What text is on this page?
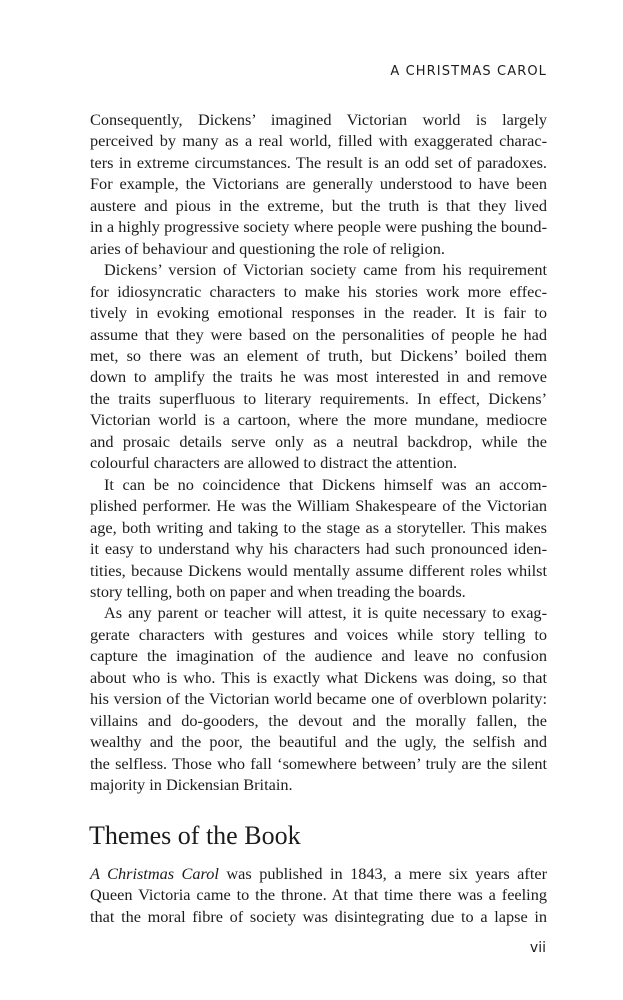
A CHRISTMAS CAROL
Consequently, Dickens’ imagined Victorian world is largely
perceived by many as a real world, filled with exaggerated charac-
ters in extreme circumstances. The result is an odd set of paradoxes.
For example, the Victorians are generally understood to have been
austere and pious in the extreme, but the truth is that they lived
in a highly progressive society where people were pushing the bound-
aries of behaviour and questioning the role of religion.
Dickens’ version of Victorian society came from his requirement
for idiosyncratic characters to make his stories work more effec-
tively in evoking emotional responses in the reader. It is fair to
assume that they were based on the personalities of people he had
met, so there was an element of truth, but Dickens’ boiled them
down to amplify the traits he was most interested in and remove
the traits superfluous to literary requirements. In effect, Dickens’
Victorian world is a cartoon, where the more mundane, mediocre
and prosaic details serve only as a neutral backdrop, while the
colourful characters are allowed to distract the attention.
It can be no coincidence that Dickens himself was an accom-
plished performer. He was the William Shakespeare of the Victorian
age, both writing and taking to the stage as a storyteller. This makes
it easy to understand why his characters had such pronounced iden-
tities, because Dickens would mentally assume different roles whilst
story telling, both on paper and when treading the boards.
As any parent or teacher will attest, it is quite necessary to exag-
gerate characters with gestures and voices while story telling to
capture the imagination of the audience and leave no confusion
about who is who. This is exactly what Dickens was doing, so that
his version of the Victorian world became one of overblown polarity:
villains and do-gooders, the devout and the morally fallen, the
wealthy and the poor, the beautiful and the ugly, the selfish and
the selfless. Those who fall ‘somewhere between’ truly are the silent
majority in Dickensian Britain.
Themes of the Book
A Christmas Carol was published in 1843, a mere six years after
Queen Victoria came to the throne. At that time there was a feeling
that the moral fibre of society was disintegrating due to a lapse in
vii
